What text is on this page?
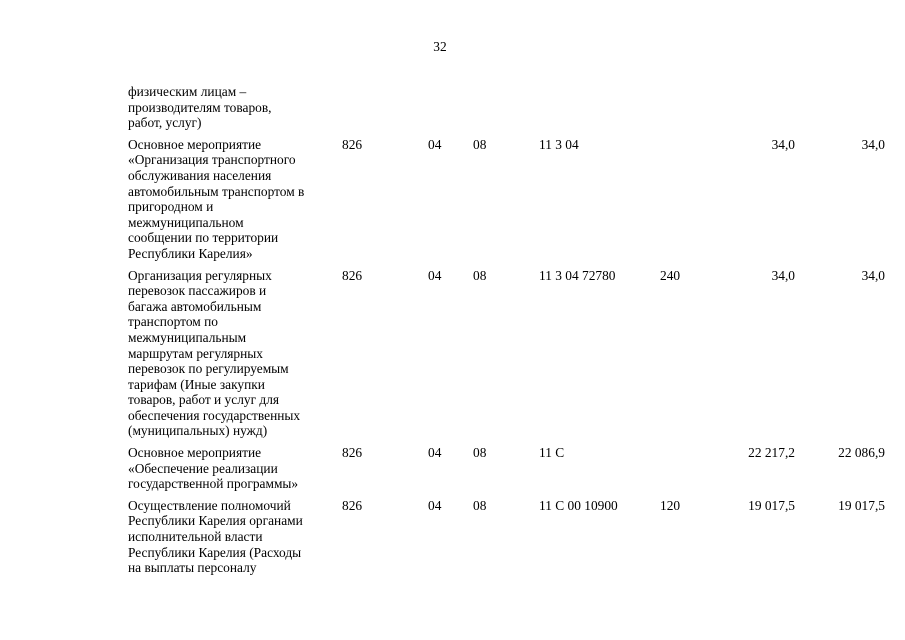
32
физическим лицам –
производителям товаров,
работ, услуг)
Основное мероприятие
«Организация транспортного
обслуживания населения
автомобильным транспортом в
пригородном и
межмуниципальном
сообщении по территории
Республики Карелия»
826	04 08	11 3 04	34,0	34,0
Организация регулярных
перевозок пассажиров и
багажа автомобильным
транспортом по
межмуниципальным
маршрутам регулярных
перевозок по регулируемым
тарифам (Иные закупки
товаров, работ и услуг для
обеспечения государственных
(муниципальных) нужд)
826	04 08	11 3 04 72780	240	34,0	34,0
Основное мероприятие
«Обеспечение реализации
государственной программы»
826	04 08	11 С	22 217,2	22 086,9
Осуществление полномочий
Республики Карелия органами
исполнительной власти
Республики Карелия (Расходы
на выплаты персоналу
826	04 08	11 С 00 10900	120	19 017,5	19 017,5
